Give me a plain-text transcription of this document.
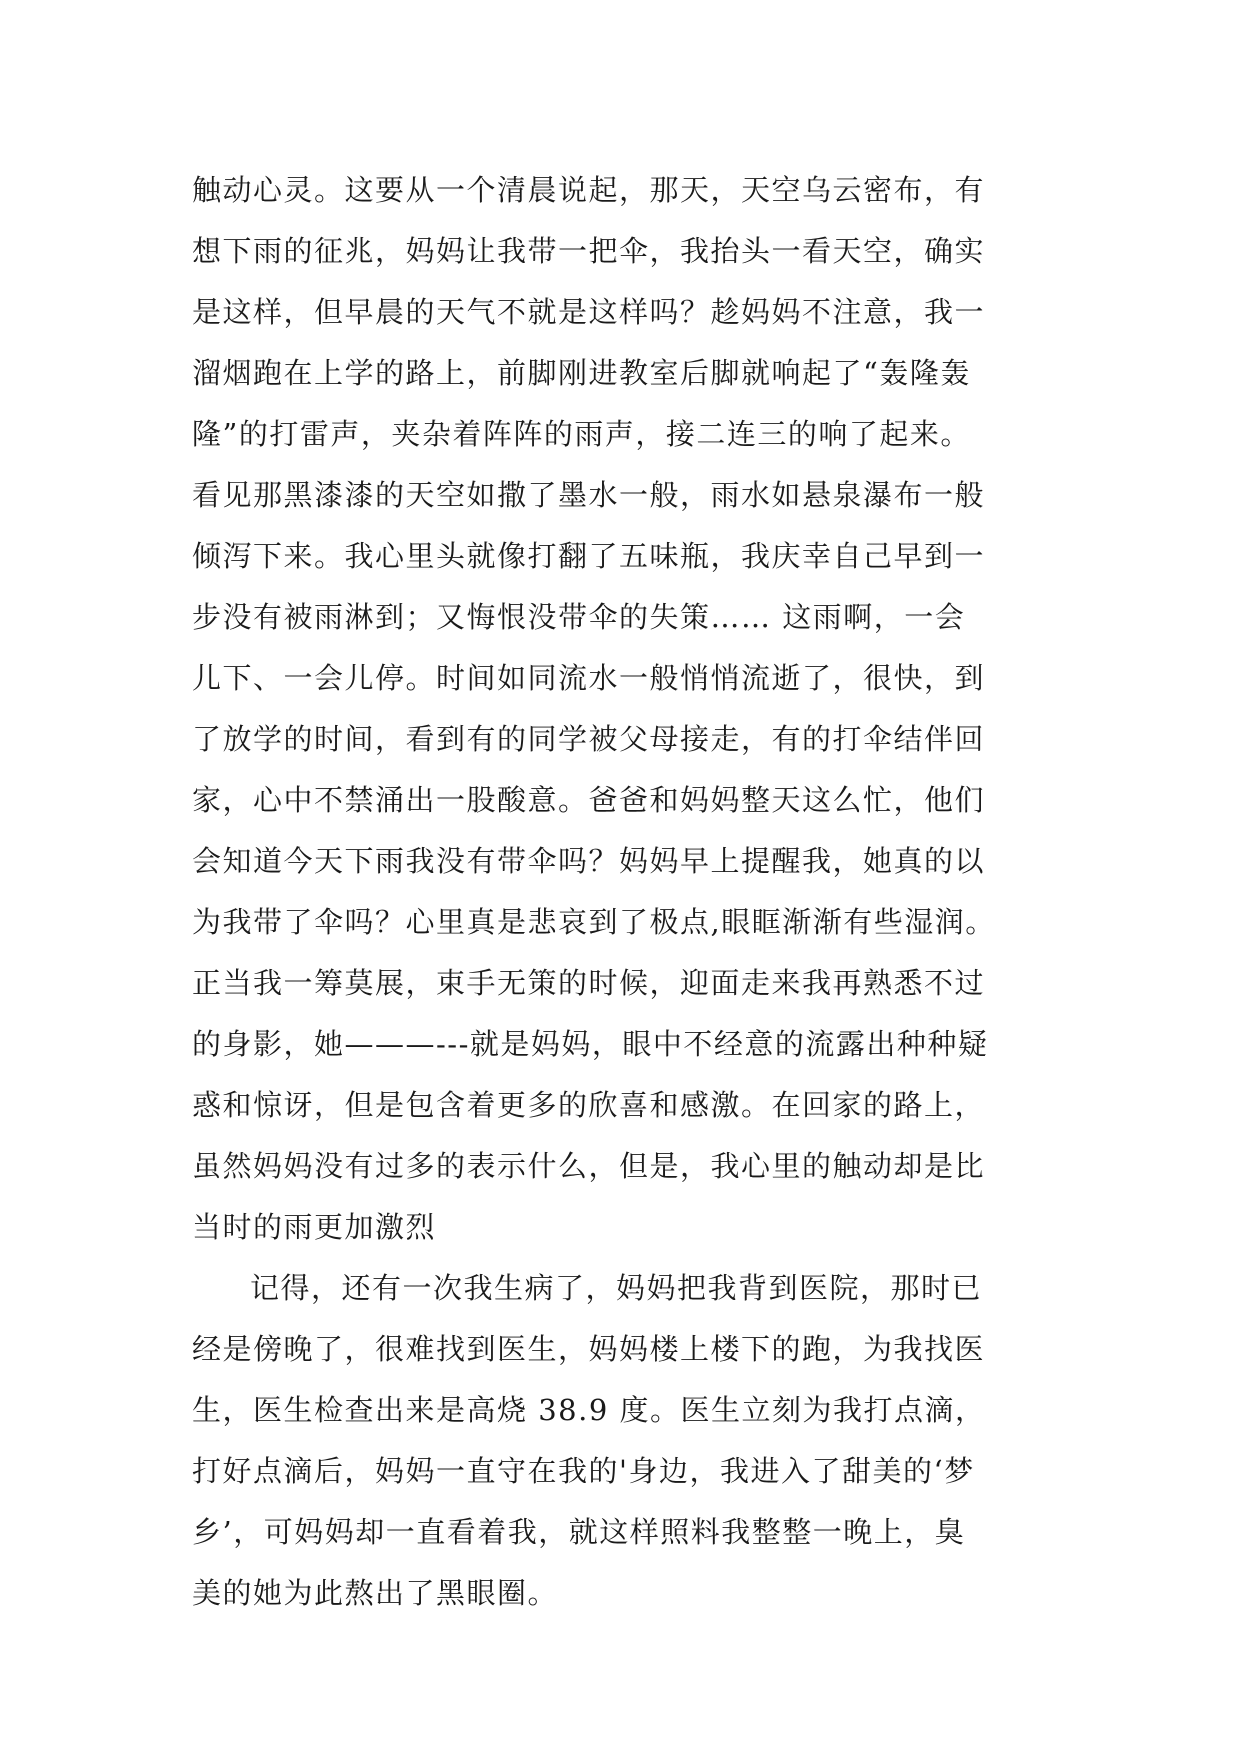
触动心灵。这要从一个清晨说起，那天，天空乌云密布，有
想下雨的征兆，妈妈让我带一把伞，我抬头一看天空，确实
是这样，但早晨的天气不就是这样吗？趁妈妈不注意，我一
溜烟跑在上学的路上，前脚刚进教室后脚就响起了“轰隆轰
隆”的打雷声，夹杂着阵阵的雨声，接二连三的响了起来。
看见那黑漆漆的天空如撒了墨水一般，雨水如悬泉瀑布一般
倾泻下来。我心里头就像打翻了五味瓶，我庆幸自己早到一
步没有被雨淋到；又悔恨没带伞的失策…… 这雨啊，一会
儿下、一会儿停。时间如同流水一般悄悄流逝了，很快，到
了放学的时间，看到有的同学被父母接走，有的打伞结伴回
家，心中不禁涌出一股酸意。爸爸和妈妈整天这么忙，他们
会知道今天下雨我没有带伞吗？妈妈早上提醒我，她真的以
为我带了伞吗？心里真是悲哀到了极点,眼眶渐渐有些湿润。
正当我一筹莫展，束手无策的时候，迎面走来我再熟悉不过
的身影，她———---就是妈妈，眼中不经意的流露出种种疑
惑和惊讶，但是包含着更多的欣喜和感激。在回家的路上，
虽然妈妈没有过多的表示什么，但是，我心里的触动却是比
当时的雨更加激烈
记得，还有一次我生病了，妈妈把我背到医院，那时已
经是傍晚了，很难找到医生，妈妈楼上楼下的跑，为我找医
生，医生检查出来是高烧 38.9 度。医生立刻为我打点滴，
打好点滴后，妈妈一直守在我的'身边，我进入了甜美的‘梦
乡’，可妈妈却一直看着我，就这样照料我整整一晚上，臭
美的她为此熬出了黑眼圈。
